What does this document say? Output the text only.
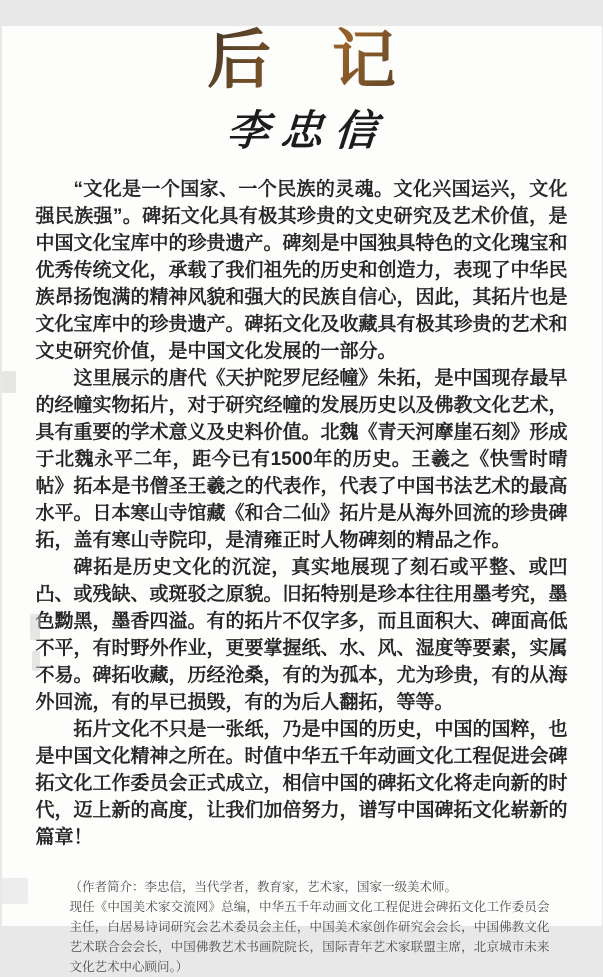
后 记
李忠信

“文化是一个国家、一个民族的灵魂。文化兴国运兴，文化强民族强”。碑拓文化具有极其珍贵的文史研究及艺术价值，是中国文化宝库中的珍贵遗产。碑刻是中国独具特色的文化瑰宝和优秀传统文化，承载了我们祖先的历史和创造力，表现了中华民族昂扬饱满的精神风貌和强大的民族自信心，因此，其拓片也是文化宝库中的珍贵遗产。碑拓文化及收藏具有极其珍贵的艺术和文史研究价值，是中国文化发展的一部分。

这里展示的唐代《天护陀罗尼经幢》朱拓，是中国现存最早的经幢实物拓片，对于研究经幢的发展历史以及佛教文化艺术，具有重要的学术意义及史料价值。北魏《青天河摩崖石刻》形成于北魏永平二年，距今已有1500年的历史。王羲之《快雪时晴帖》拓本是书僧圣王羲之的代表作，代表了中国书法艺术的最高水平。日本寒山寺馆藏《和合二仙》拓片是从海外回流的珍贵碑拓，盖有寒山寺院印，是清雍正时人物碑刻的精品之作。

碑拓是历史文化的沉淀，真实地展现了刻石或平整、或凹凸、或残缺、或斑驳之原貌。旧拓特别是珍本往往用墨考究，墨色黝黑，墨香四溢。有的拓片不仅字多，而且面积大、碑面高低不平，有时野外作业，更要掌握纸、水、风、湿度等要素，实属不易。碑拓收藏，历经沧桑，有的为孤本，尤为珍贵，有的从海外回流，有的早已损毁，有的为后人翻拓，等等。

拓片文化不只是一张纸，乃是中国的历史，中国的国粹，也是中国文化精神之所在。时值中华五千年动画文化工程促进会碑拓文化工作委员会正式成立，相信中国的碑拓文化将走向新的时代，迈上新的高度，让我们加倍努力，谱写中国碑拓文化崭新的篇章！

（作者简介：李忠信，当代学者，教育家，艺术家，国家一级美术师。

现任《中国美术家交流网》总编，中华五千年动画文化工程促进会碑拓文化工作委员会主任，白居易诗词研究会艺术委员会主任，中国美术家创作研究会会长，中国佛教文化艺术联合会会长，中国佛教艺术书画院院长，国际青年艺术家联盟主席，北京城市未来文化艺术中心顾问。）
